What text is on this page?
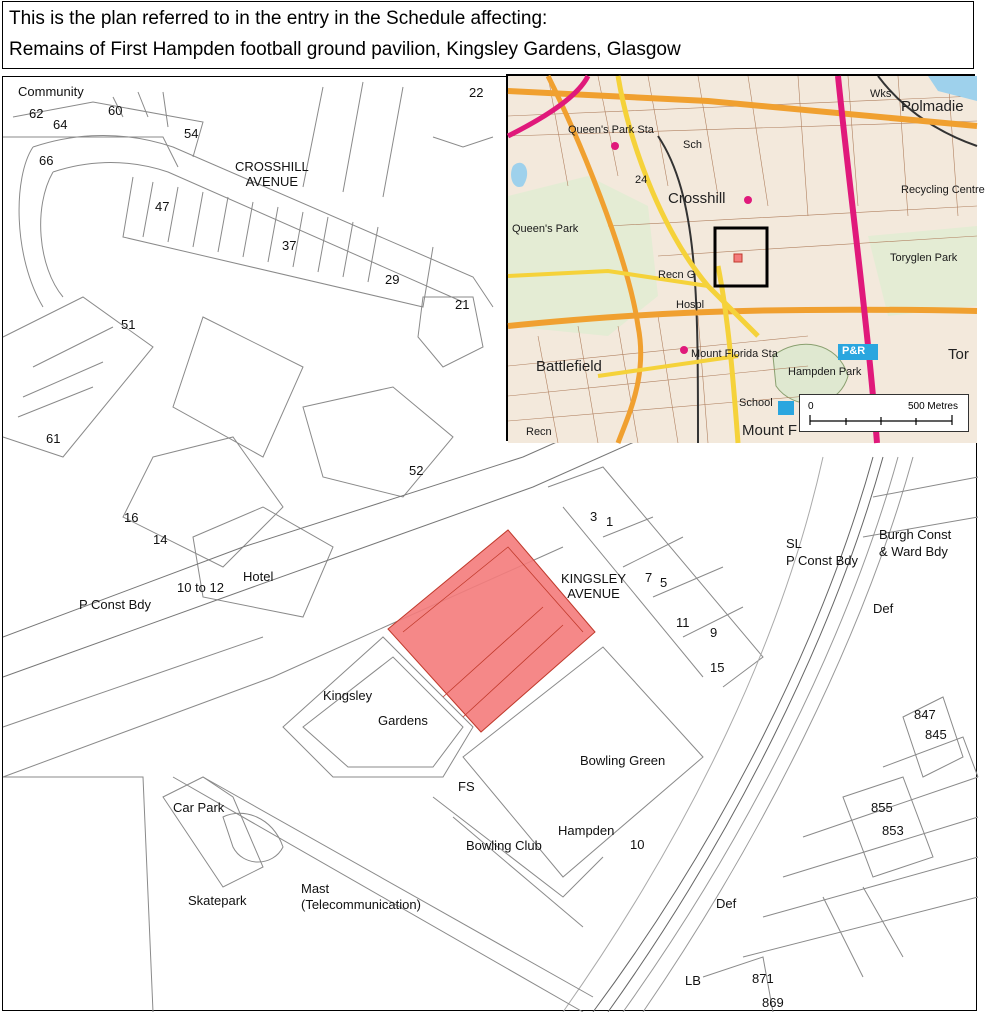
This is the plan referred to in the entry in the Schedule affecting:
Remains of First Hampden football ground pavilion, Kingsley Gardens, Glasgow
Community
62	60
64
54
66
22
CROSSHILL
AVENUE
47
37
29
21
51
61
52
16
14
10 to 12
Hotel
P Const Bdy
3 1
KINGSLEY
AVENUE
7 5
11
9
15
SL
P Const Bdy
Burgh Const
& Ward Bdy
Def
Kingsley
Gardens
Bowling Green
847
845
FS
Car Park	855
853
Hampden
10
Bowling Club
Mast
(Telecommunication)
Skatepark	Def
LB	871
869
Polmadie
Crosshill
Queen's Park
Queen's Park Sta
Battlefield	Hampden Park
Mount Florida Sta
Toryglen Park
Recycling Centre
Recn
Recn G
Hospl
Sch
School
P&R
Mount F
24
Wks
Tor
0	500 Metres
